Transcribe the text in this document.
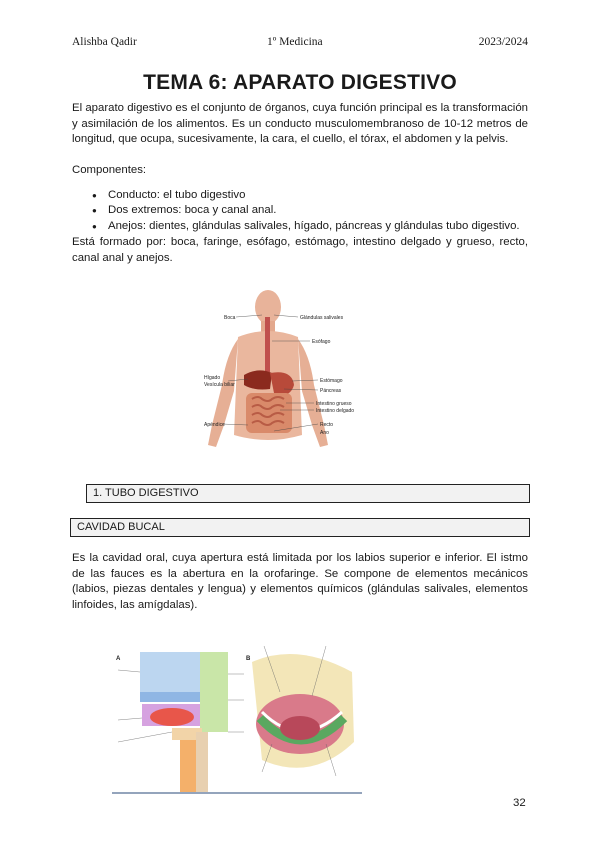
Alishba Qadir	1º Medicina	2023/2024
TEMA 6: APARATO DIGESTIVO

El aparato digestivo es el conjunto de órganos, cuya función principal es la transformación y asimilación de los alimentos. Es un conducto musculomembranoso de 10-12 metros de longitud, que ocupa, sucesivamente, la cara, el cuello, el tórax, el abdomen y la pelvis.

Componentes:

● Conducto: el tubo digestivo
● Dos extremos: boca y canal anal.
● Anejos: dientes, glándulas salivales, hígado, páncreas y glándulas tubo digestivo.

Está formado por: boca, faringe, esófago, estómago, intestino delgado y grueso, recto, canal anal y anejos.

Boca	Glándulas salivales
Esófago
Estómago
Páncreas
Hígado
Vesícula biliar
Intestino grueso
Intestino delgado
Apéndice	Recto
Ano
1. TUBO DIGESTIVO
CAVIDAD BUCAL

Es la cavidad oral, cuya apertura está limitada por los labios superior e inferior. El istmo de las fauces es la abertura en la orofaringe. Se compone de elementos mecánicos (labios, piezas dentales y lengua) y elementos químicos (glándulas salivales, elementos linfoides, las amígdalas).

A	B
32
